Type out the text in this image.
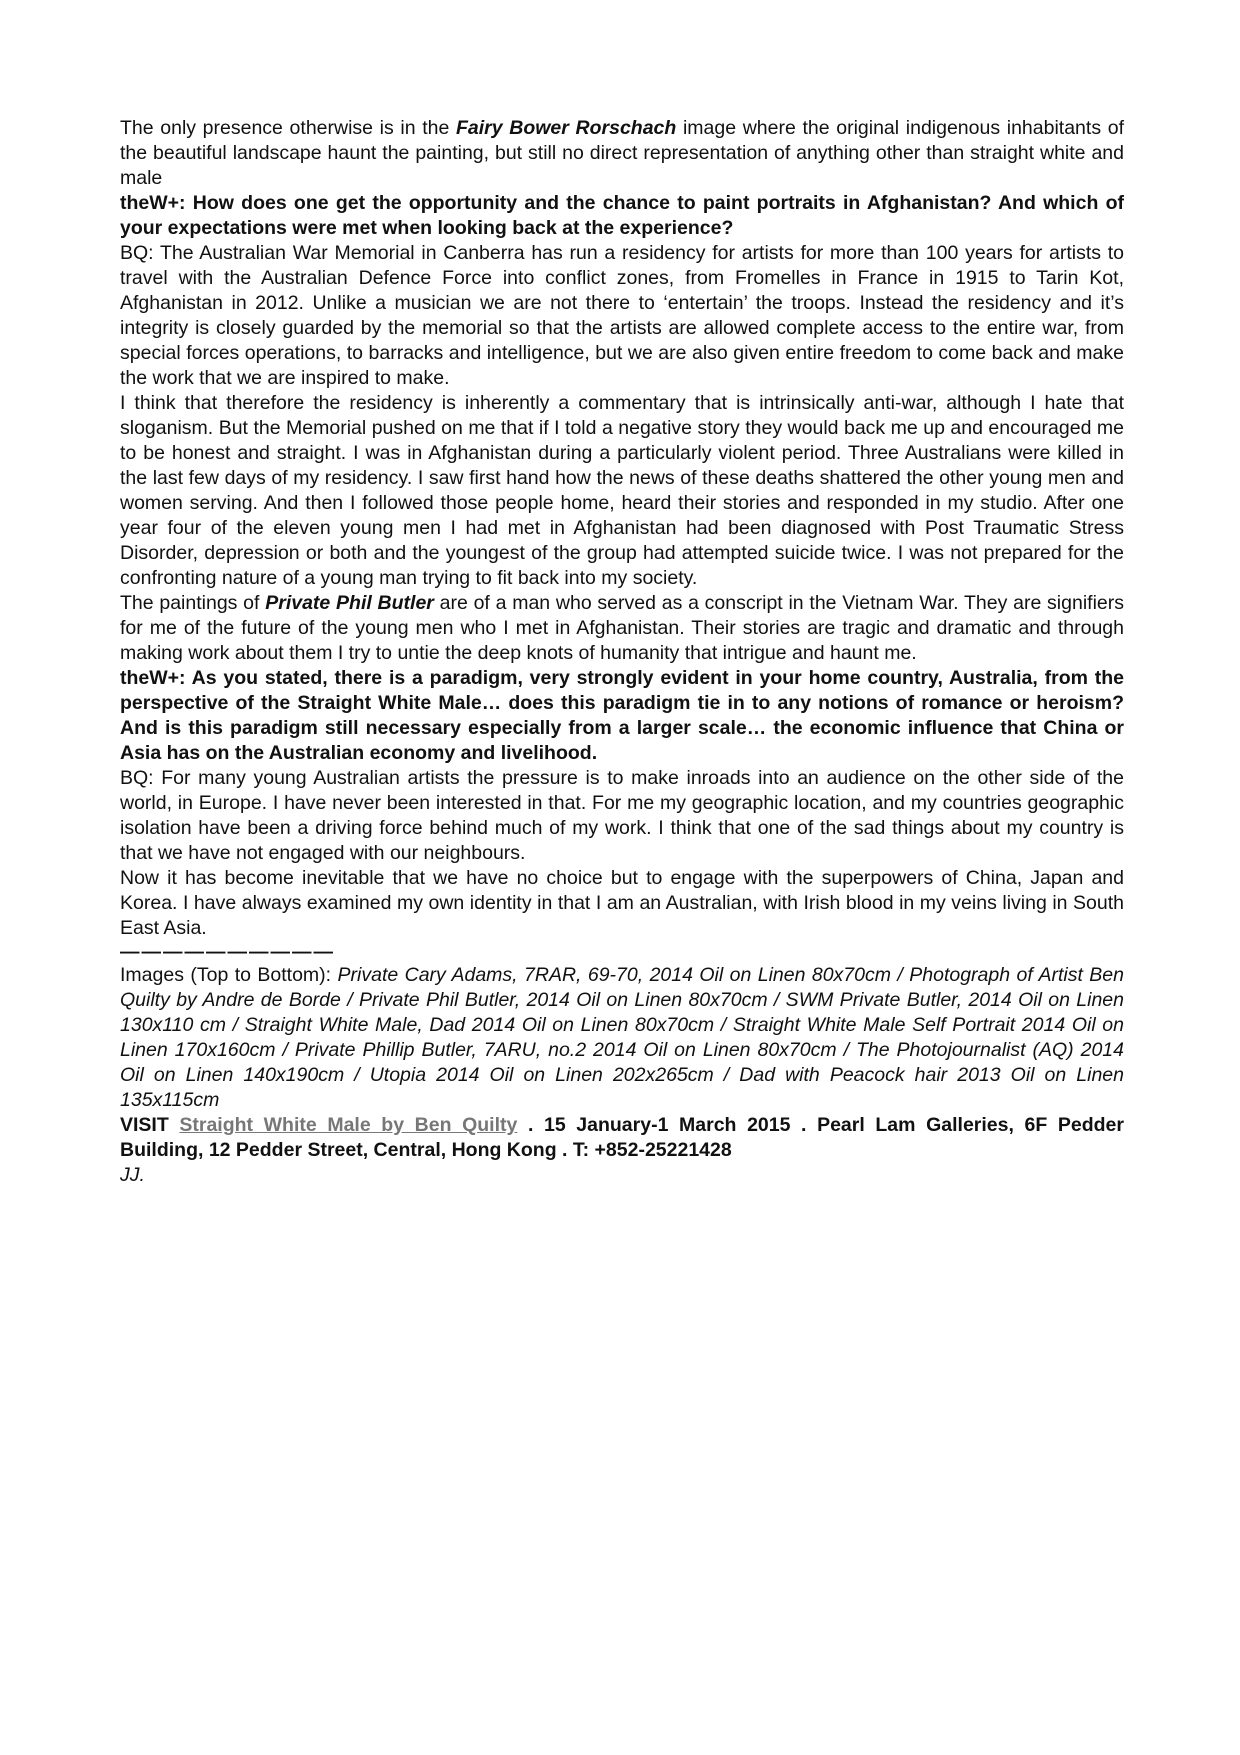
The only presence otherwise is in the Fairy Bower Rorschach image where the original indigenous inhabitants of the beautiful landscape haunt the painting, but still no direct representation of anything other than straight white and male

theW+: How does one get the opportunity and the chance to paint portraits in Afghanistan? And which of your expectations were met when looking back at the experience?

BQ: The Australian War Memorial in Canberra has run a residency for artists for more than 100 years for artists to travel with the Australian Defence Force into conflict zones, from Fromelles in France in 1915 to Tarin Kot, Afghanistan in 2012. Unlike a musician we are not there to ‘entertain’ the troops. Instead the residency and it’s integrity is closely guarded by the memorial so that the artists are allowed complete access to the entire war, from special forces operations, to barracks and intelligence, but we are also given entire freedom to come back and make the work that we are inspired to make.

I think that therefore the residency is inherently a commentary that is intrinsically anti-war, although I hate that sloganism. But the Memorial pushed on me that if I told a negative story they would back me up and encouraged me to be honest and straight. I was in Afghanistan during a particularly violent period. Three Australians were killed in the last few days of my residency. I saw first hand how the news of these deaths shattered the other young men and women serving. And then I followed those people home, heard their stories and responded in my studio. After one year four of the eleven young men I had met in Afghanistan had been diagnosed with Post Traumatic Stress Disorder, depression or both and the youngest of the group had attempted suicide twice. I was not prepared for the confronting nature of a young man trying to fit back into my society.

The paintings of Private Phil Butler are of a man who served as a conscript in the Vietnam War. They are signifiers for me of the future of the young men who I met in Afghanistan. Their stories are tragic and dramatic and through making work about them I try to untie the deep knots of humanity that intrigue and haunt me.

theW+: As you stated, there is a paradigm, very strongly evident in your home country, Australia, from the perspective of the Straight White Male… does this paradigm tie in to any notions of romance or heroism? And is this paradigm still necessary especially from a larger scale… the economic influence that China or Asia has on the Australian economy and livelihood.

BQ: For many young Australian artists the pressure is to make inroads into an audience on the other side of the world, in Europe. I have never been interested in that. For me my geographic location, and my countries geographic isolation have been a driving force behind much of my work. I think that one of the sad things about my country is that we have not engaged with our neighbours.

Now it has become inevitable that we have no choice but to engage with the superpowers of China, Japan and Korea. I have always examined my own identity in that I am an Australian, with Irish blood in my veins living in South East Asia.

——————————

Images (Top to Bottom): Private Cary Adams, 7RAR, 69-70, 2014 Oil on Linen 80x70cm / Photograph of Artist Ben Quilty by Andre de Borde / Private Phil Butler, 2014 Oil on Linen 80x70cm / SWM Private Butler, 2014 Oil on Linen 130x110 cm / Straight White Male, Dad 2014 Oil on Linen 80x70cm / Straight White Male Self Portrait 2014 Oil on Linen 170x160cm / Private Phillip Butler, 7ARU, no.2 2014 Oil on Linen 80x70cm / The Photojournalist (AQ) 2014 Oil on Linen 140x190cm / Utopia 2014 Oil on Linen 202x265cm / Dad with Peacock hair 2013 Oil on Linen 135x115cm

VISIT Straight White Male by Ben Quilty . 15 January-1 March 2015 . Pearl Lam Galleries, 6F Pedder Building, 12 Pedder Street, Central, Hong Kong . T: +852-25221428

JJ.
